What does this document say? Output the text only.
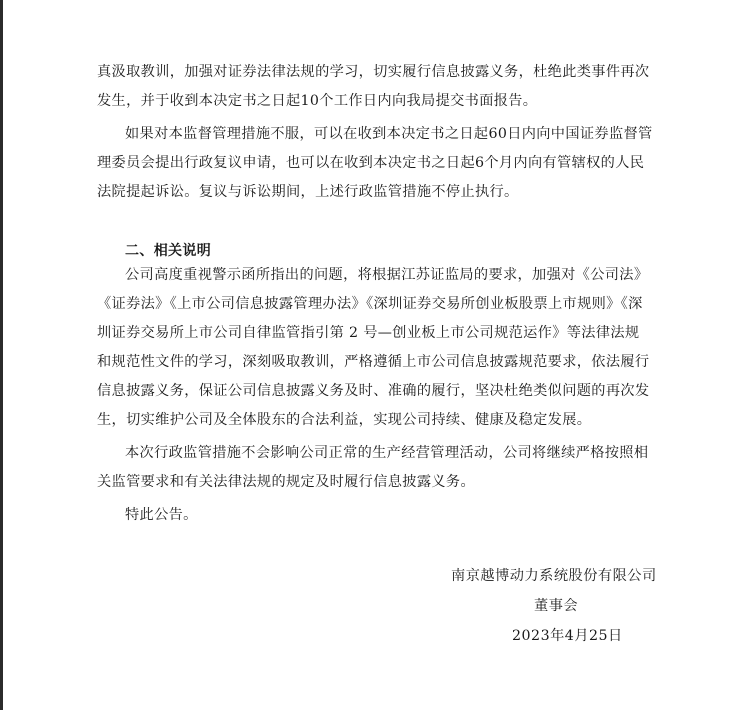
真汲取教训，加强对证券法律法规的学习，切实履行信息披露义务，杜绝此类事件再次
发生，并于收到本决定书之日起10个工作日内向我局提交书面报告。
如果对本监督管理措施不服，可以在收到本决定书之日起60日内向中国证券监督管
理委员会提出行政复议申请，也可以在收到本决定书之日起6个月内向有管辖权的人民
法院提起诉讼。复议与诉讼期间，上述行政监管措施不停止执行。
二、相关说明
公司高度重视警示函所指出的问题，将根据江苏证监局的要求，加强对《公司法》
《证券法》《上市公司信息披露管理办法》《深圳证券交易所创业板股票上市规则》《深
圳证券交易所上市公司自律监管指引第 2 号—创业板上市公司规范运作》等法律法规
和规范性文件的学习，深刻吸取教训，严格遵循上市公司信息披露规范要求，依法履行
信息披露义务，保证公司信息披露义务及时、准确的履行，坚决杜绝类似问题的再次发
生，切实维护公司及全体股东的合法利益，实现公司持续、健康及稳定发展。
本次行政监管措施不会影响公司正常的生产经营管理活动，公司将继续严格按照相
关监管要求和有关法律法规的规定及时履行信息披露义务。
特此公告。
南京越博动力系统股份有限公司
董事会
2023年4月25日
